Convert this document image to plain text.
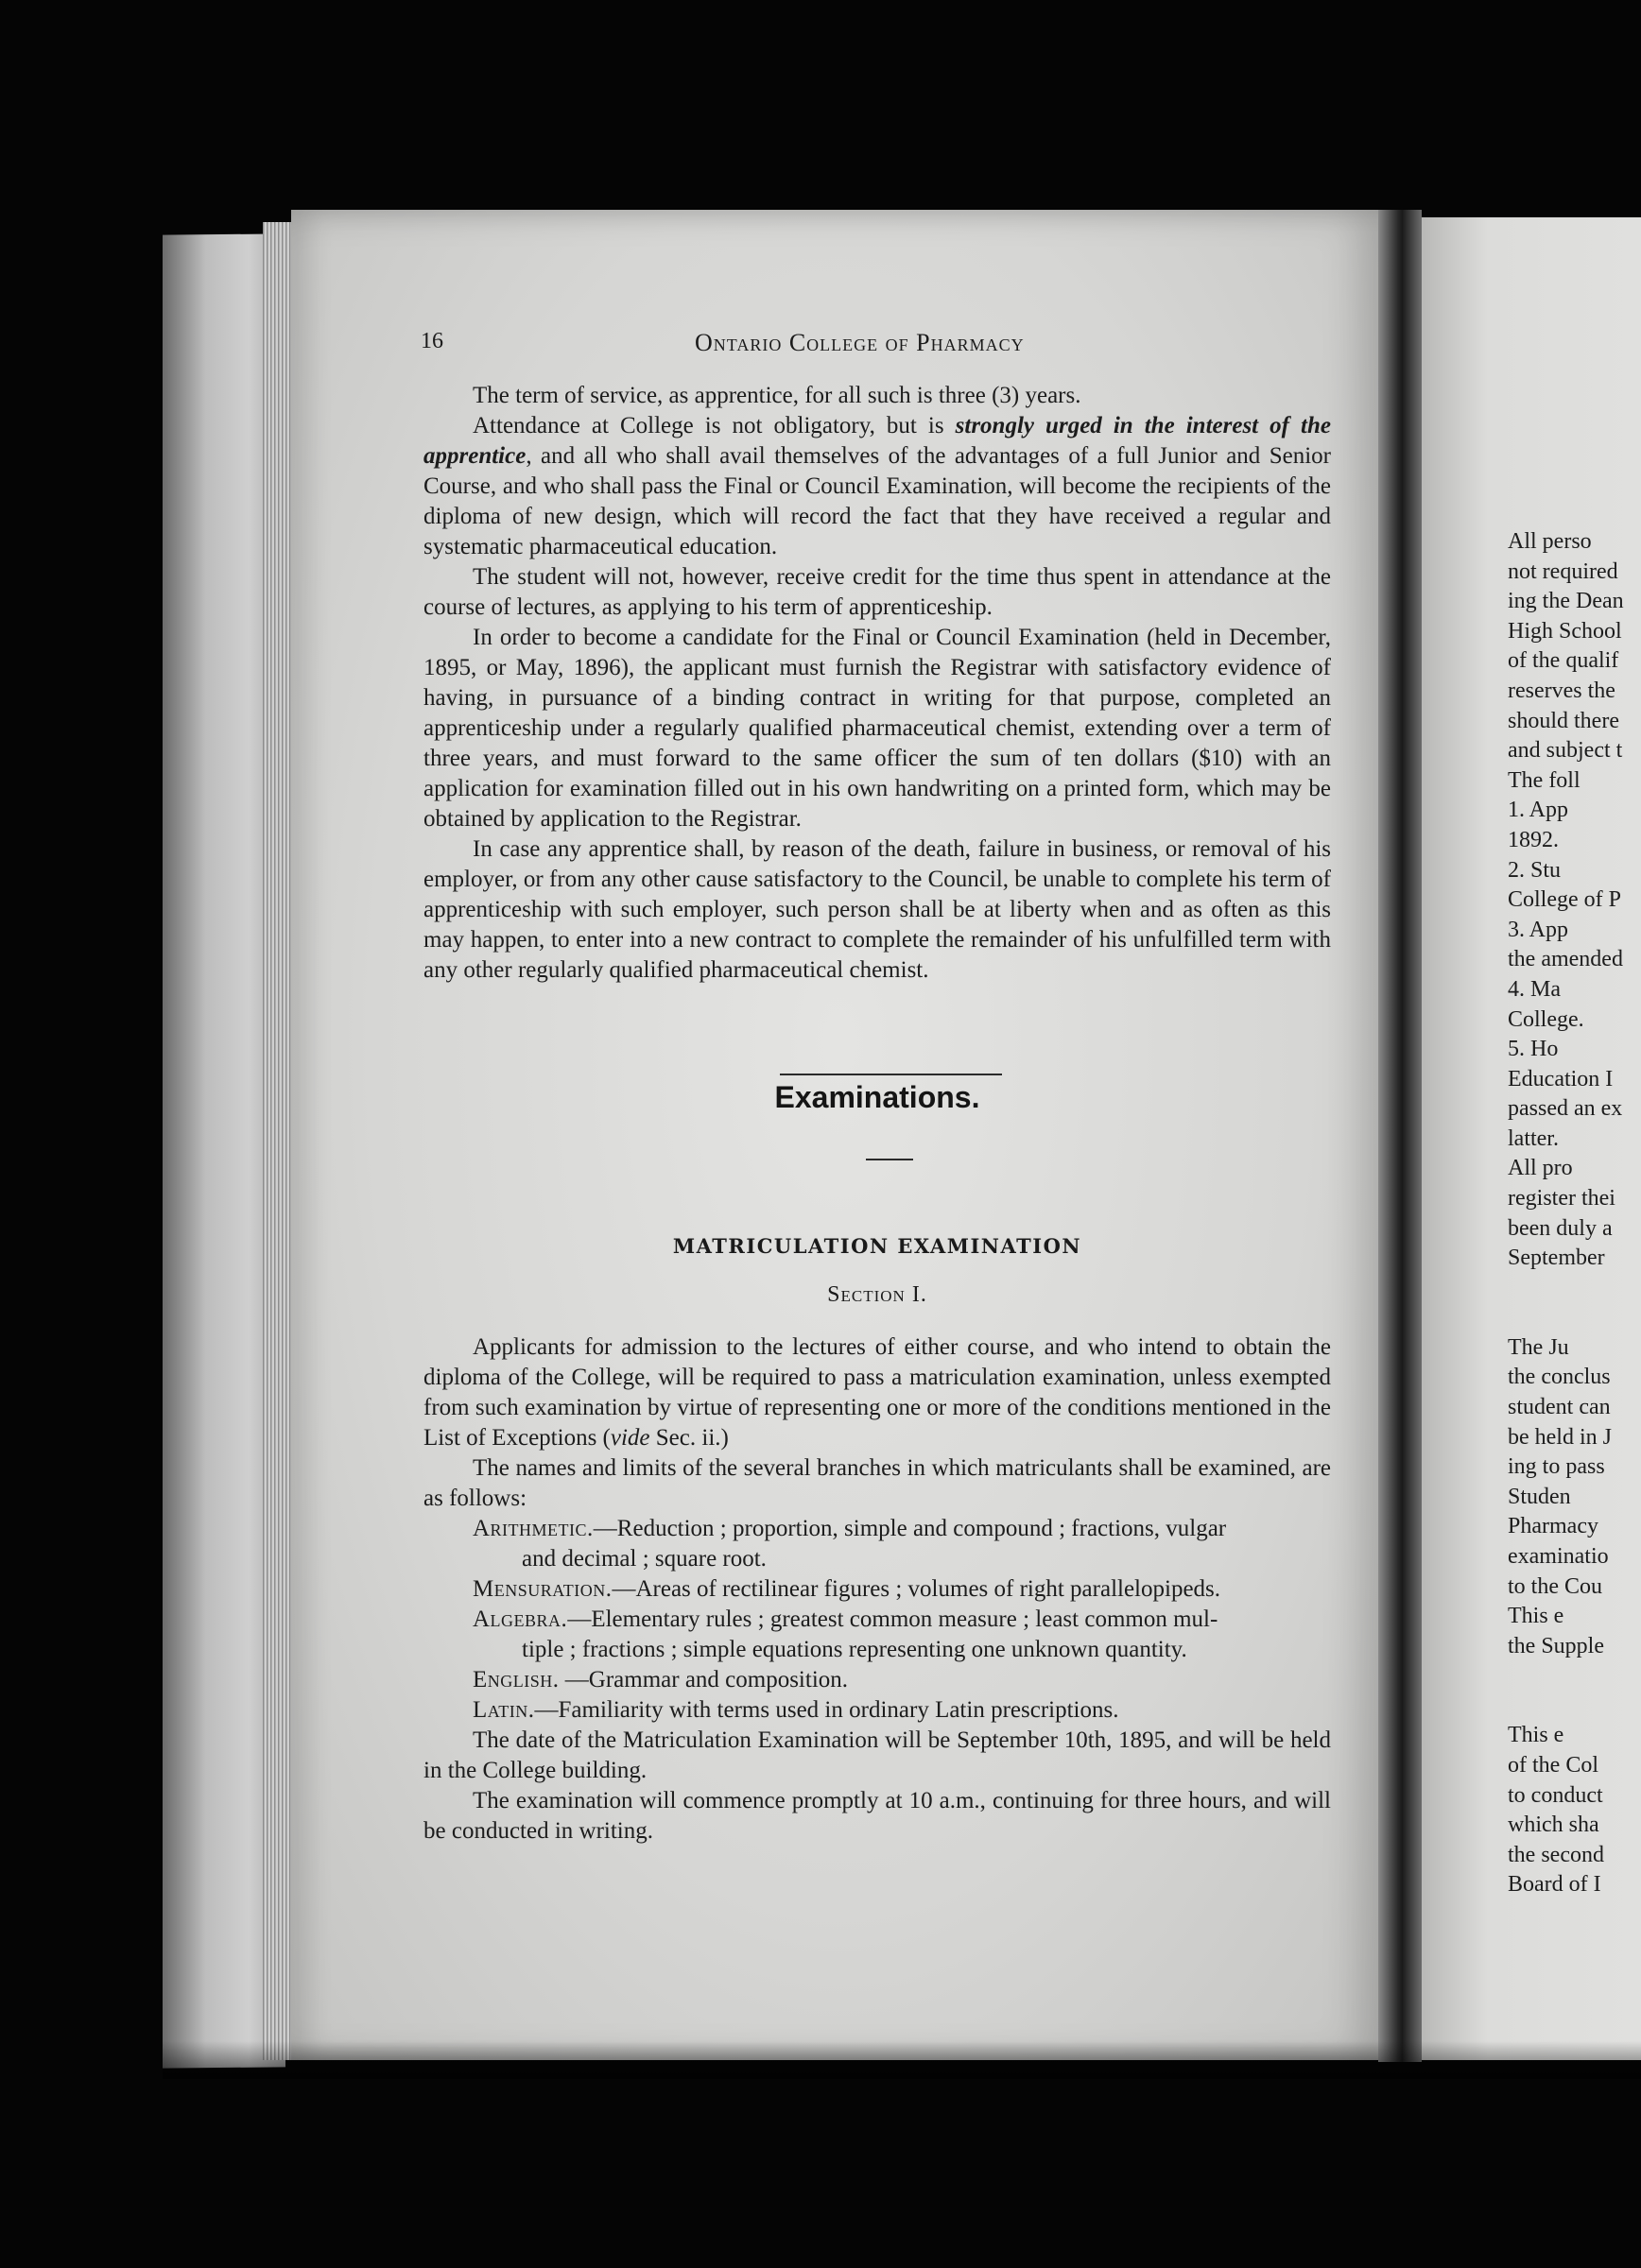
16	Ontario College of Pharmacy

The term of service, as apprentice, for all such is three (3) years.

Attendance at College is not obligatory, but is strongly urged in the interest of the apprentice, and all who shall avail themselves of the advantages of a full Junior and Senior Course, and who shall pass the Final or Council Examination, will become the recipients of the diploma of new design, which will record the fact that they have received a regular and systematic pharmaceutical education.

The student will not, however, receive credit for the time thus spent in attendance at the course of lectures, as applying to his term of apprenticeship.

In order to become a candidate for the Final or Council Examination (held in December, 1895, or May, 1896), the applicant must furnish the Registrar with satisfactory evidence of having, in pursuance of a binding contract in writing for that purpose, completed an apprenticeship under a regularly qualified pharmaceutical chemist, extending over a term of three years, and must forward to the same officer the sum of ten dollars ($10) with an application for examination filled out in his own handwriting on a printed form, which may be obtained by application to the Registrar.

In case any apprentice shall, by reason of the death, failure in business, or removal of his employer, or from any other cause satisfactory to the Council, be unable to complete his term of apprenticeship with such employer, such person shall be at liberty when and as often as this may happen, to enter into a new contract to complete the remainder of his unfulfilled term with any other regularly qualified pharmaceutical chemist.

Examinations.
MATRICULATION EXAMINATION
Section I.

Applicants for admission to the lectures of either course, and who intend to obtain the diploma of the College, will be required to pass a matriculation examination, unless exempted from such examination by virtue of representing one or more of the conditions mentioned in the List of Exceptions (vide Sec. ii.)

The names and limits of the several branches in which matriculants shall be examined, are as follows:

Arithmetic.—Reduction ; proportion, simple and compound ; fractions, vulgar
and decimal ; square root.

Mensuration.—Areas of rectilinear figures ; volumes of right parallelopipeds.

Algebra.—Elementary rules ; greatest common measure ; least common mul-
tiple ; fractions ; simple equations representing one unknown quantity.

English. —Grammar and composition.

Latin.—Familiarity with terms used in ordinary Latin prescriptions.

The date of the Matriculation Examination will be September 10th, 1895, and will be held in the College building.

The examination will commence promptly at 10 a.m., continuing for three hours, and will be conducted in writing.

All perso
not required
ing the Dean
High School
of the qualif
reserves the
should there
and subject t
The foll
1. App
1892.
2. Stu
College of P
3. App
the amended
4. Ma
College.
5. Ho
Education I
passed an ex
latter.
All pro
register thei
been duly a
September
The Ju
the conclus
student can
be held in J
ing to pass
Studen
Pharmacy
examinatio
to the Cou
This e
the Supple
This e
of the Col
to conduct
which sha
the second
Board of I
